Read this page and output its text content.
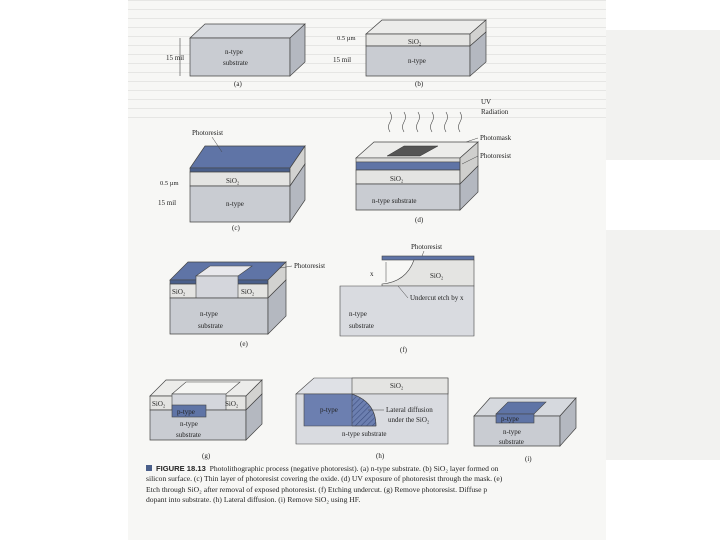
15 mil
n-type
substrate
(a)
0.5 µm
15 mil
SiO₂
n-type
(b)
Photoresist
0.5 µm
15 mil
SiO₂
n-type
(c)
UV
Radiation
Photomask
Photoresist
SiO₂
n-type substrate
(d)
Photoresist
SiO₂	SiO₂
n-type
substrate
(e)
Photoresist
SiO₂
x
Undercut etch by x
n-type
substrate
(f)
SiO₂	SiO₂
p-type
n-type
substrate
(g)
SiO₂
p-type	Lateral diffusion
under the SiO₂
n-type substrate
(h)
p-type
n-type
substrate
(i)
FIGURE 18.13 Photolithographic process (negative photoresist). (a) n-type substrate. (b) SiO₂ layer formed on silicon surface. (c) Thin layer of photoresist covering the oxide. (d) UV exposure of photoresist through the mask. (e) Etch through SiO₂ after removal of exposed photoresist. (f) Etching undercut. (g) Remove photoresist. Diffuse p dopant into substrate. (h) Lateral diffusion. (i) Remove SiO₂ using HF.
